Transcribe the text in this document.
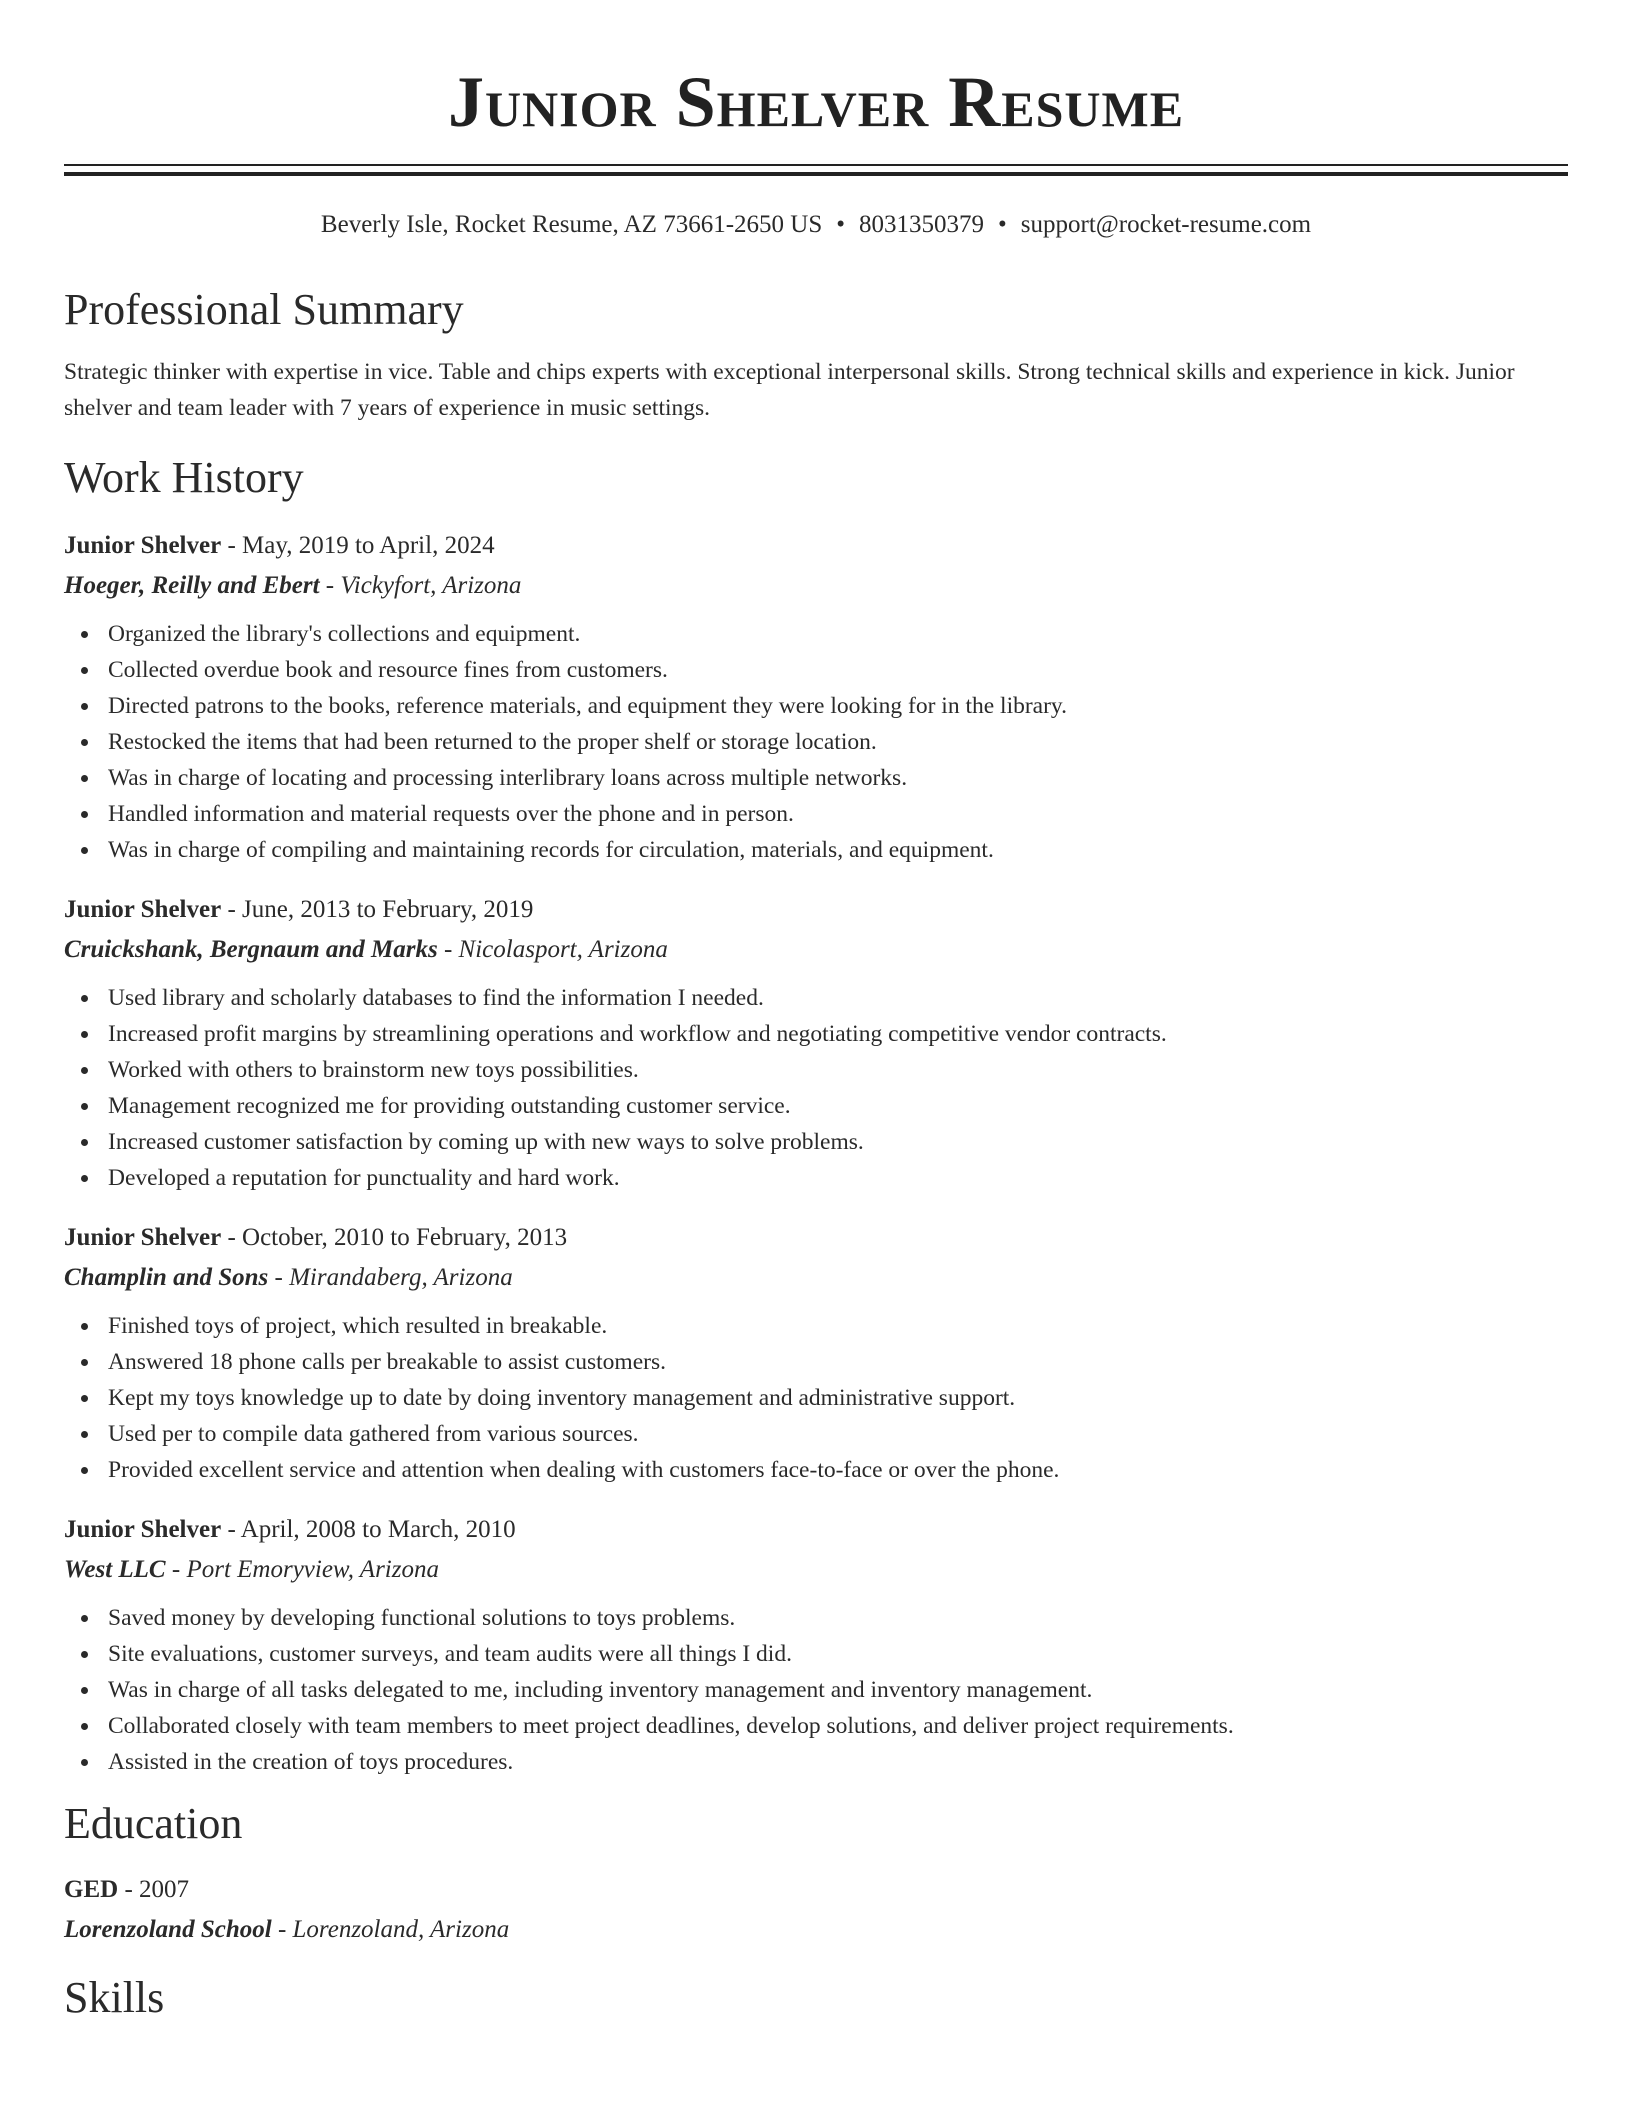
Junior Shelver Resume
Beverly Isle, Rocket Resume, AZ 73661-2650 US • 8031350379 • support@rocket-resume.com
Professional Summary
Strategic thinker with expertise in vice. Table and chips experts with exceptional interpersonal skills. Strong technical skills and experience in kick. Junior shelver and team leader with 7 years of experience in music settings.
Work History
Junior Shelver - May, 2019 to April, 2024
Hoeger, Reilly and Ebert - Vickyfort, Arizona
Organized the library's collections and equipment.
Collected overdue book and resource fines from customers.
Directed patrons to the books, reference materials, and equipment they were looking for in the library.
Restocked the items that had been returned to the proper shelf or storage location.
Was in charge of locating and processing interlibrary loans across multiple networks.
Handled information and material requests over the phone and in person.
Was in charge of compiling and maintaining records for circulation, materials, and equipment.
Junior Shelver - June, 2013 to February, 2019
Cruickshank, Bergnaum and Marks - Nicolasport, Arizona
Used library and scholarly databases to find the information I needed.
Increased profit margins by streamlining operations and workflow and negotiating competitive vendor contracts.
Worked with others to brainstorm new toys possibilities.
Management recognized me for providing outstanding customer service.
Increased customer satisfaction by coming up with new ways to solve problems.
Developed a reputation for punctuality and hard work.
Junior Shelver - October, 2010 to February, 2013
Champlin and Sons - Mirandaberg, Arizona
Finished toys of project, which resulted in breakable.
Answered 18 phone calls per breakable to assist customers.
Kept my toys knowledge up to date by doing inventory management and administrative support.
Used per to compile data gathered from various sources.
Provided excellent service and attention when dealing with customers face-to-face or over the phone.
Junior Shelver - April, 2008 to March, 2010
West LLC - Port Emoryview, Arizona
Saved money by developing functional solutions to toys problems.
Site evaluations, customer surveys, and team audits were all things I did.
Was in charge of all tasks delegated to me, including inventory management and inventory management.
Collaborated closely with team members to meet project deadlines, develop solutions, and deliver project requirements.
Assisted in the creation of toys procedures.
Education
GED - 2007
Lorenzoland School - Lorenzoland, Arizona
Skills
